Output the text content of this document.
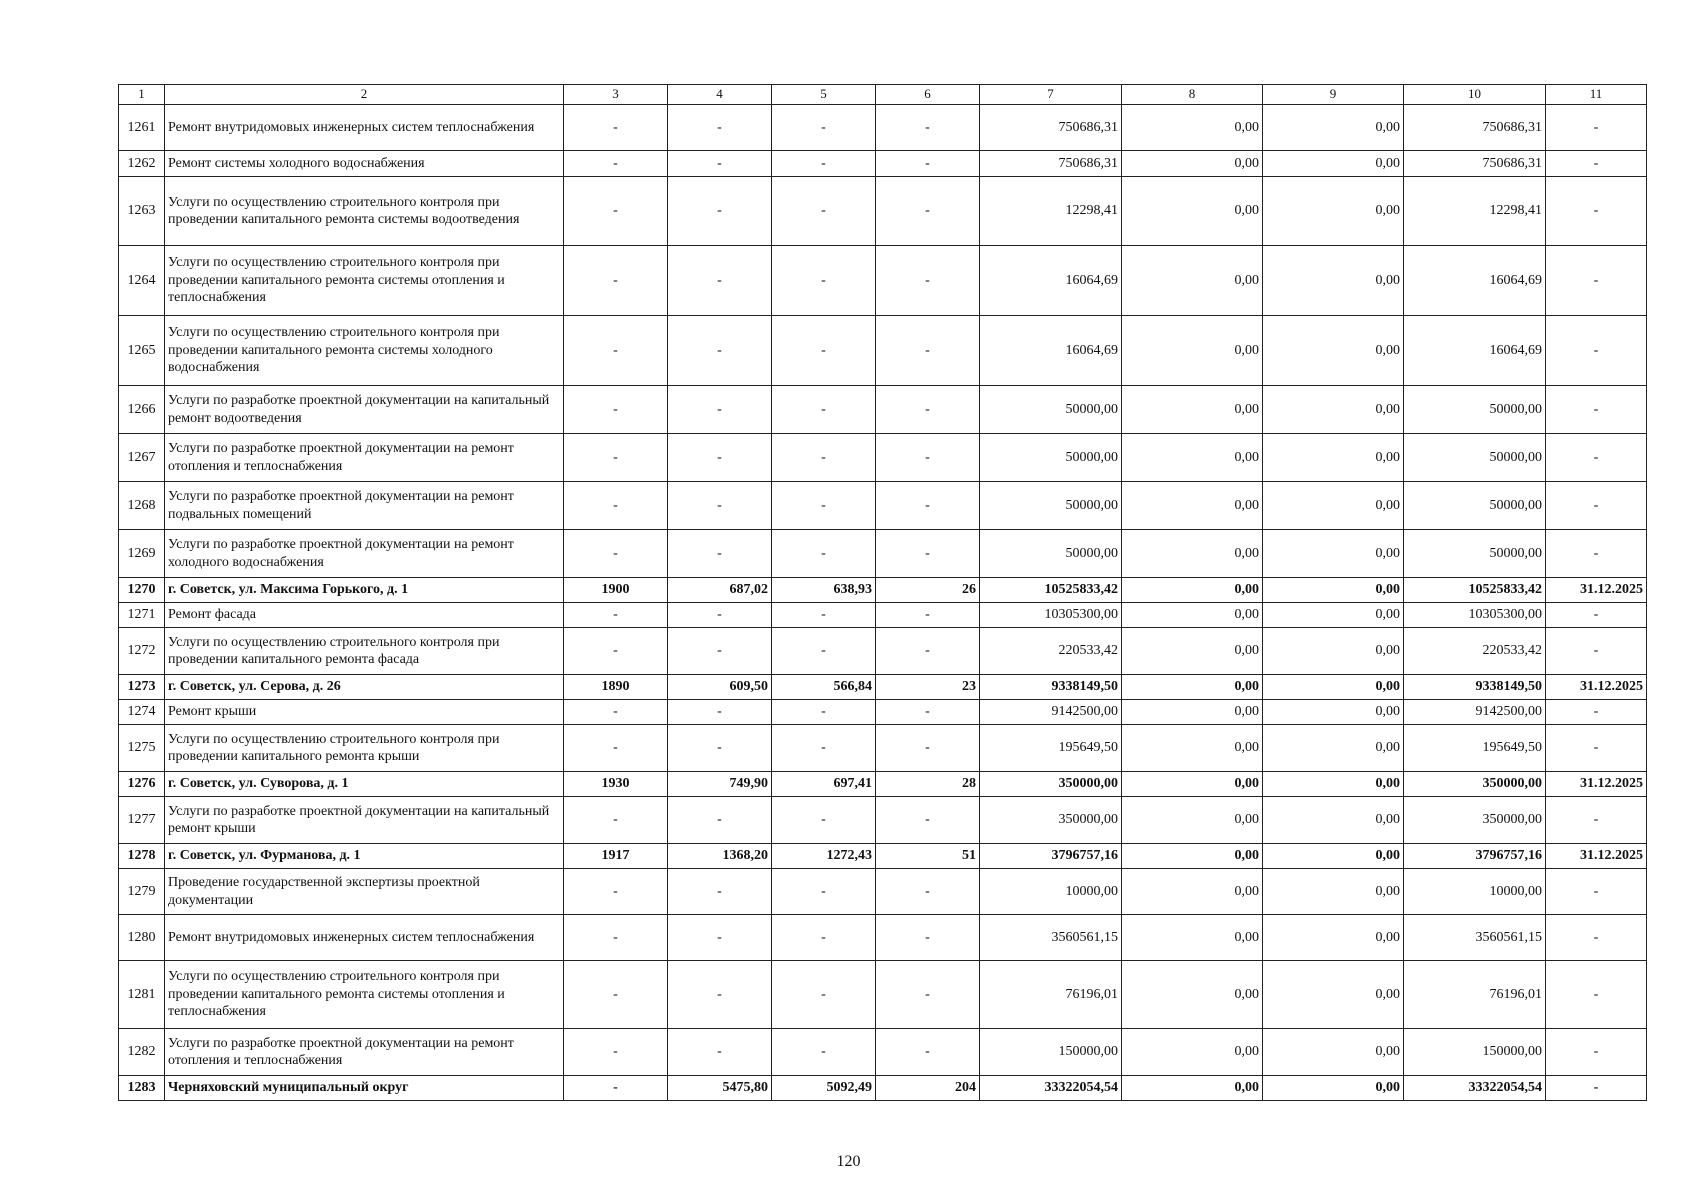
1	2	3	4	5	6	7	8	9	10	11
1261	Ремонт внутридомовых инженерных систем теплоснабжения	-	-	-	-	750686,31	0,00	0,00	750686,31	-
1262	Ремонт системы холодного водоснабжения	-	-	-	-	750686,31	0,00	0,00	750686,31	-
1263	Услуги по осуществлению строительного контроля при проведении капитального ремонта системы водоотведения	-	-	-	-	12298,41	0,00	0,00	12298,41	-
1264	Услуги по осуществлению строительного контроля при проведении капитального ремонта системы отопления и теплоснабжения	-	-	-	-	16064,69	0,00	0,00	16064,69	-
1265	Услуги по осуществлению строительного контроля при проведении капитального ремонта системы холодного водоснабжения	-	-	-	-	16064,69	0,00	0,00	16064,69	-
1266	Услуги по разработке проектной документации на капитальный ремонт водоотведения	-	-	-	-	50000,00	0,00	0,00	50000,00	-
1267	Услуги по разработке проектной документации на ремонт отопления и теплоснабжения	-	-	-	-	50000,00	0,00	0,00	50000,00	-
1268	Услуги по разработке проектной документации на ремонт подвальных помещений	-	-	-	-	50000,00	0,00	0,00	50000,00	-
1269	Услуги по разработке проектной документации на ремонт холодного водоснабжения	-	-	-	-	50000,00	0,00	0,00	50000,00	-
1270	г. Советск, ул. Максима Горького, д. 1	1900	687,02	638,93	26	10525833,42	0,00	0,00	10525833,42	31.12.2025
1271	Ремонт фасада	-	-	-	-	10305300,00	0,00	0,00	10305300,00	-
1272	Услуги по осуществлению строительного контроля при проведении капитального ремонта фасада	-	-	-	-	220533,42	0,00	0,00	220533,42	-
1273	г. Советск, ул. Серова, д. 26	1890	609,50	566,84	23	9338149,50	0,00	0,00	9338149,50	31.12.2025
1274	Ремонт крыши	-	-	-	-	9142500,00	0,00	0,00	9142500,00	-
1275	Услуги по осуществлению строительного контроля при проведении капитального ремонта крыши	-	-	-	-	195649,50	0,00	0,00	195649,50	-
1276	г. Советск, ул. Суворова, д. 1	1930	749,90	697,41	28	350000,00	0,00	0,00	350000,00	31.12.2025
1277	Услуги по разработке проектной документации на капитальный ремонт крыши	-	-	-	-	350000,00	0,00	0,00	350000,00	-
1278	г. Советск, ул. Фурманова, д. 1	1917	1368,20	1272,43	51	3796757,16	0,00	0,00	3796757,16	31.12.2025
1279	Проведение государственной экспертизы проектной документации	-	-	-	-	10000,00	0,00	0,00	10000,00	-
1280	Ремонт внутридомовых инженерных систем теплоснабжения	-	-	-	-	3560561,15	0,00	0,00	3560561,15	-
1281	Услуги по осуществлению строительного контроля при проведении капитального ремонта системы отопления и теплоснабжения	-	-	-	-	76196,01	0,00	0,00	76196,01	-
1282	Услуги по разработке проектной документации на ремонт отопления и теплоснабжения	-	-	-	-	150000,00	0,00	0,00	150000,00	-
1283	Черняховский муниципальный округ	-	5475,80	5092,49	204	33322054,54	0,00	0,00	33322054,54	-
120
